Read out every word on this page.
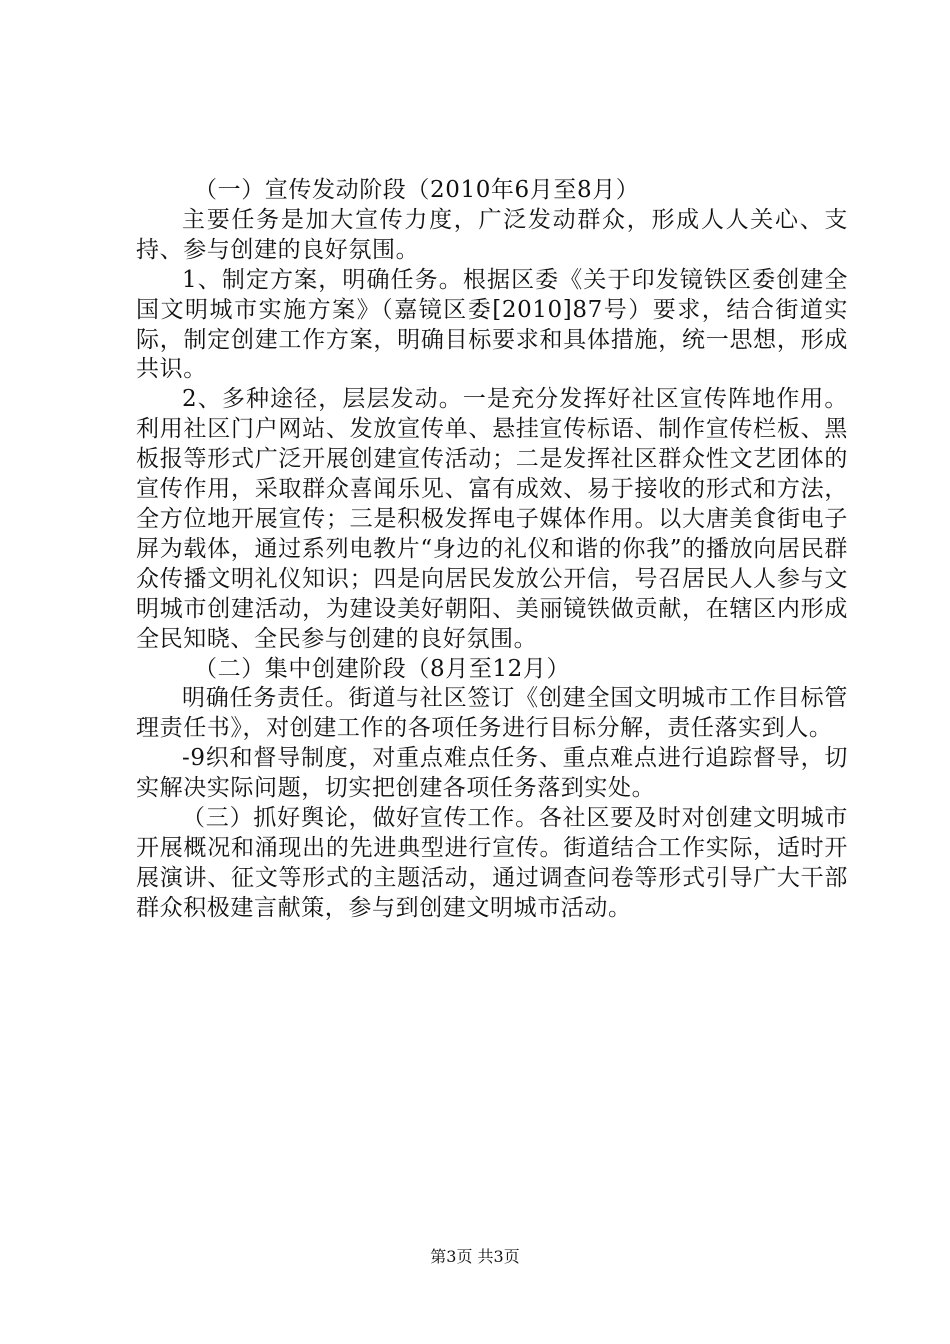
（一）宣传发动阶段（2010年6月至8月）

主要任务是加大宣传力度，广泛发动群众，形成人人关心、支持、参与创建的良好氛围。

1、制定方案，明确任务。根据区委《关于印发镜铁区委创建全国文明城市实施方案》（嘉镜区委[2010]87号）要求，结合街道实际，制定创建工作方案，明确目标要求和具体措施，统一思想，形成共识。

2、多种途径，层层发动。一是充分发挥好社区宣传阵地作用。利用社区门户网站、发放宣传单、悬挂宣传标语、制作宣传栏板、黑板报等形式广泛开展创建宣传活动；二是发挥社区群众性文艺团体的宣传作用，采取群众喜闻乐见、富有成效、易于接收的形式和方法，全方位地开展宣传；三是积极发挥电子媒体作用。以大唐美食街电子屏为载体，通过系列电教片“身边的礼仪和谐的你我”的播放向居民群众传播文明礼仪知识；四是向居民发放公开信，号召居民人人参与文明城市创建活动，为建设美好朝阳、美丽镜铁做贡献，在辖区内形成全民知晓、全民参与创建的良好氛围。

（二）集中创建阶段（8月至12月）

明确任务责任。街道与社区签订《创建全国文明城市工作目标管理责任书》，对创建工作的各项任务进行目标分解，责任落实到人。

-9织和督导制度，对重点难点任务、重点难点进行追踪督导，切实解决实际问题，切实把创建各项任务落到实处。

（三）抓好舆论，做好宣传工作。各社区要及时对创建文明城市开展概况和涌现出的先进典型进行宣传。街道结合工作实际，适时开展演讲、征文等形式的主题活动，通过调查问卷等形式引导广大干部群众积极建言献策，参与到创建文明城市活动。

第3页 共3页
